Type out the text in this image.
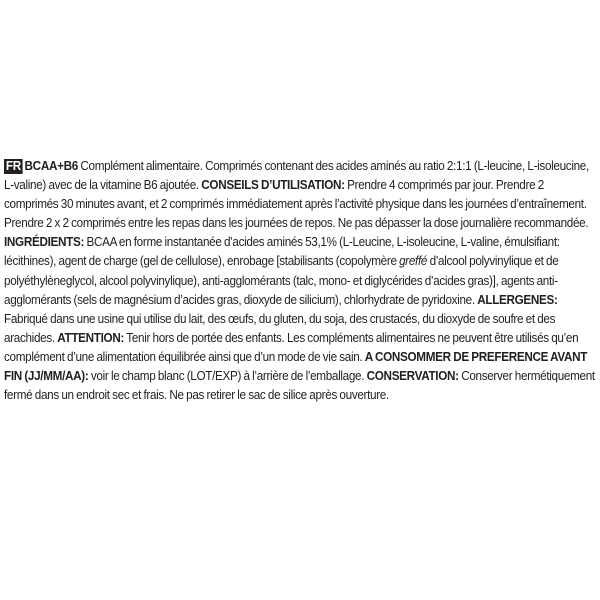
FR BCAA+B6 Complément alimentaire. Comprimés contenant des acides aminés au ratio 2:1:1 (L-leucine, L-isoleucine, L-valine) avec de la vitamine B6 ajoutée. CONSEILS D’UTILISATION: Prendre 4 comprimés par jour. Prendre 2 comprimés 30 minutes avant, et 2 comprimés immédiatement après l’activité physique dans les journées d’entraînement. Prendre 2 x 2 comprimés entre les repas dans les journées de repos. Ne pas dépasser la dose journalière recommandée. INGRÉDIENTS: BCAA en forme instantanée d’acides aminés 53,1% (L-Leucine, L-isoleucine, L-valine, émulsifiant: lécithines), agent de charge (gel de cellulose), enrobage [stabilisants (copolymère greffé d’alcool polyvinylique et de polyéthylèneglycol, alcool polyvinylique), anti-agglomérants (talc, mono- et diglycérides d’acides gras)], agents anti-agglomérants (sels de magnésium d’acides gras, dioxyde de silicium), chlorhydrate de pyridoxine. ALLERGENES: Fabriqué dans une usine qui utilise du lait, des œufs, du gluten, du soja, des crustacés, du dioxyde de soufre et des arachides. ATTENTION: Tenir hors de portée des enfants. Les compléments alimentaires ne peuvent être utilisés qu’en complément d’une alimentation équilibrée ainsi que d’un mode de vie sain. A CONSOMMER DE PREFERENCE AVANT FIN (JJ/MM/AA): voir le champ blanc (LOT/EXP) à l’arrière de l’emballage. CONSERVATION: Conserver hermétiquement fermé dans un endroit sec et frais. Ne pas retirer le sac de silice après ouverture.
